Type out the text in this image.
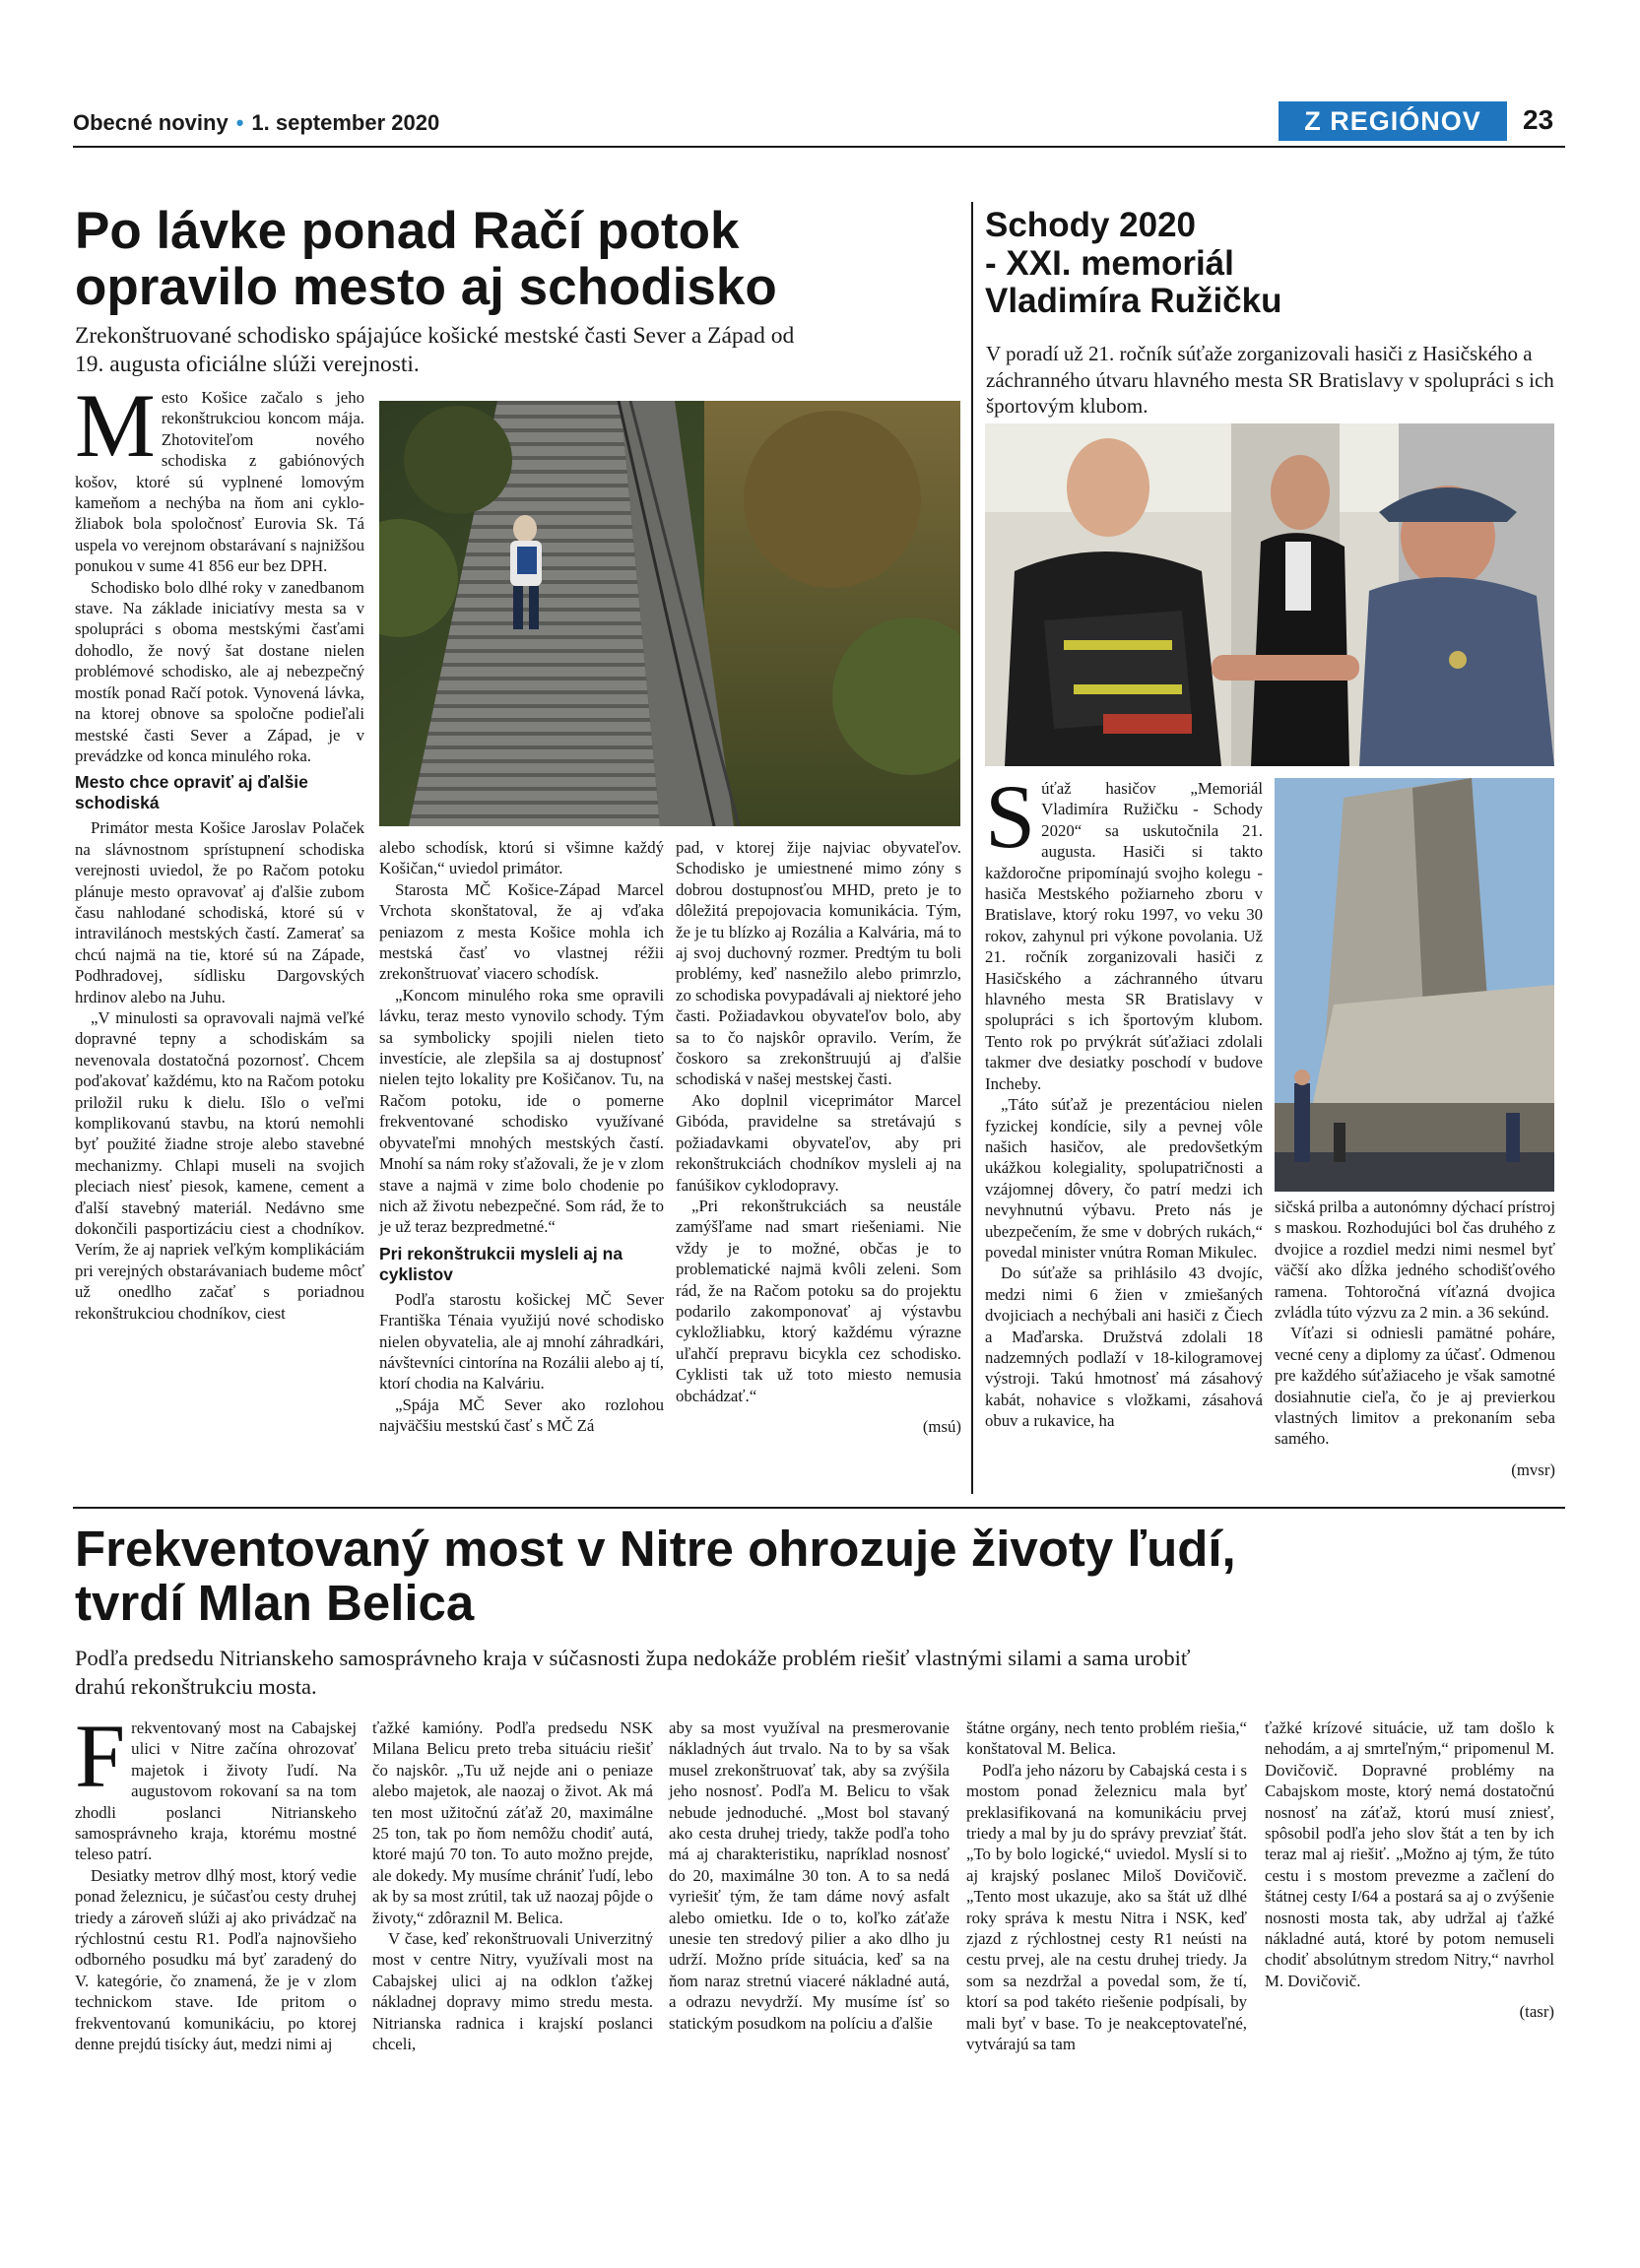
Obecné noviny • 1. september 2020	Z REGIÓNOV	23
Po lávke ponad Račí potok
opravilo mesto aj schodisko
Zrekonštruované schodisko spájajúce košické mestské časti Sever a Západ od
19. augusta oficiálne slúži verejnosti.

Mesto Košice začalo s jeho rekonštrukciou koncom mája. Zhotoviteľom nového schodiska z gabiónových košov, ktoré sú vyplnené lomovým kameňom a nechýba na ňom ani cykložliabok bola spoločnosť Eurovia Sk. Tá uspela vo verejnom obstarávaní s najnižšou ponukou v sume 41 856 eur bez DPH.

Schodisko bolo dlhé roky v zanedbanom stave. Na základe iniciatívy mesta sa v spolupráci s oboma mestskými časťami dohodlo, že nový šat dostane nielen problémové schodisko, ale aj nebezpečný mostík ponad Račí potok. Vynovená lávka, na ktorej obnove sa spoločne podieľali mestské časti Sever a Západ, je v prevádzke od konca minulého roka.

Mesto chce opraviť aj ďalšie schodiská

Primátor mesta Košice Jaroslav Polaček na slávnostnom sprístupnení schodiska verejnosti uviedol, že po Račom potoku plánuje mesto opravovať aj ďalšie zubom času nahlodané schodiská, ktoré sú v intravilánoch mestských častí. Zamerať sa chcú najmä na tie, ktoré sú na Západe, Podhradovej, sídlisku Dargovských hrdinov alebo na Juhu.

„V minulosti sa opravovali najmä veľké dopravné tepny a schodiskám sa nevenovala dostatočná pozornosť. Chcem poďakovať každému, kto na Račom potoku priložil ruku k dielu. Išlo o veľmi komplikovanú stavbu, na ktorú nemohli byť použité žiadne stroje alebo stavebné mechanizmy. Chlapi museli na svojich pleciach niesť piesok, kamene, cement a ďalší stavebný materiál. Nedávno sme dokončili pasportizáciu ciest a chodníkov. Verím, že aj napriek veľkým komplikáciám pri verejných obstarávaniach budeme môcť už onedlho začať s poriadnou rekonštrukciou chodníkov, ciest

alebo schodísk, ktorú si všimne každý Košičan,“ uviedol primátor.

Starosta MČ Košice-Západ Marcel Vrchota skonštatoval, že aj vďaka peniazom z mesta Košice mohla ich mestská časť vo vlastnej réžii zrekonštruovať viacero schodísk.

„Koncom minulého roka sme opravili lávku, teraz mesto vynovilo schody. Tým sa symbolicky spojili nielen tieto investície, ale zlepšila sa aj dostupnosť nielen tejto lokality pre Košičanov. Tu, na Račom potoku, ide o pomerne frekventované schodisko využívané obyvateľmi mnohých mestských častí. Mnohí sa nám roky sťažovali, že je v zlom stave a najmä v zime bolo chodenie po nich až životu nebezpečné. Som rád, že to je už teraz bezpredmetné.“

Pri rekonštrukcii mysleli aj na cyklistov

Podľa starostu košickej MČ Sever Františka Ténaia využijú nové schodisko nielen obyvatelia, ale aj mnohí záhradkári, návštevníci cintorína na Rozálii alebo aj tí, ktorí chodia na Kalváriu.

„Spája MČ Sever ako rozlohou najväčšiu mestskú časť s MČ Zá

pad, v ktorej žije najviac obyvateľov. Schodisko je umiestnené mimo zóny s dobrou dostupnosťou MHD, preto je to dôležitá prepojovacia komunikácia. Tým, že je tu blízko aj Rozália a Kalvária, má to aj svoj duchovný rozmer. Predtým tu boli problémy, keď nasnežilo alebo primrzlo, zo schodiska povypadávali aj niektoré jeho časti. Požiadavkou obyvateľov bolo, aby sa to čo najskôr opravilo. Verím, že čoskoro sa zrekonštruujú aj ďalšie schodiská v našej mestskej časti.

Ako doplnil viceprimátor Marcel Gibóda, pravidelne sa stretávajú s požiadavkami obyvateľov, aby pri rekonštrukciách chodníkov mysleli aj na fanúšikov cyklodopravy.

„Pri rekonštrukciách sa neustále zamýšľame nad smart riešeniami. Nie vždy je to možné, občas je to problematické najmä kvôli zeleni. Som rád, že na Račom potoku sa do projektu podarilo zakomponovať aj výstavbu cykložliabku, ktorý každému výrazne uľahčí prepravu bicykla cez schodisko. Cyklisti tak už toto miesto nemusia obchádzať.“

(msú)

Schody 2020
- XXI. memoriál
Vladimíra Ružičku
V poradí už 21. ročník súťaže zorganizovali hasiči z Hasičského a záchranného útvaru hlavného mesta SR Bratislavy v spolupráci s ich športovým klubom.

Súťaž hasičov „Memoriál Vladimíra Ružičku - Schody 2020“ sa uskutočnila 21. augusta. Hasiči si takto každoročne pripomínajú svojho kolegu - hasiča Mestského požiarneho zboru v Bratislave, ktorý roku 1997, vo veku 30 rokov, zahynul pri výkone povolania. Už 21. ročník zorganizovali hasiči z Hasičského a záchranného útvaru hlavného mesta SR Bratislavy v spolupráci s ich športovým klubom. Tento rok po prvýkrát súťažiaci zdolali takmer dve desiatky poschodí v budove Incheby.

„Táto súťaž je prezentáciou nielen fyzickej kondície, sily a pevnej vôle našich hasičov, ale predovšetkým ukážkou kolegiality, spolupatričnosti a vzájomnej dôvery, čo patrí medzi ich nevyhnutnú výbavu. Preto nás je ubezpečením, že sme v dobrých rukách,“ povedal minister vnútra Roman Mikulec.

Do súťaže sa prihlásilo 43 dvojíc, medzi nimi 6 žien v zmiešaných dvojiciach a nechýbali ani hasiči z Čiech a Maďarska. Družstvá zdolali 18 nadzemných podlaží v 18-kilogramovej výstroji. Takú hmotnosť má zásahový kabát, nohavice s vložkami, zásahová obuv a rukavice, ha

sičská prilba a autonómny dýchací prístroj s maskou. Rozhodujúci bol čas druhého z dvojice a rozdiel medzi nimi nesmel byť väčší ako dĺžka jedného schodišťového ramena. Tohtoročná víťazná dvojica zvládla túto výzvu za 2 min. a 36 sekúnd.

Víťazi si odniesli pamätné poháre, vecné ceny a diplomy za účasť. Odmenou pre každého súťažiaceho je však samotné dosiahnutie cieľa, čo je aj previerkou vlastných limitov a prekonaním seba samého.

(mvsr)

Frekventovaný most v Nitre ohrozuje životy ľudí,
tvrdí Mlan Belica
Podľa predsedu Nitrianskeho samosprávneho kraja v súčasnosti župa nedokáže problém riešiť vlastnými silami a sama urobiť
drahú rekonštrukciu mosta.

Frekventovaný most na Cabajskej ulici v Nitre začína ohrozovať majetok i životy ľudí. Na augustovom rokovaní sa na tom zhodli poslanci Nitrianskeho samosprávneho kraja, ktorému mostné teleso patrí.

Desiatky metrov dlhý most, ktorý vedie ponad železnicu, je súčasťou cesty druhej triedy a zároveň slúži aj ako privádzač na rýchlostnú cestu R1. Podľa najnovšieho odborného posudku má byť zaradený do V. kategórie, čo znamená, že je v zlom technickom stave. Ide pritom o frekventovanú komunikáciu, po ktorej denne prejdú tisícky áut, medzi nimi aj

ťažké kamióny. Podľa predsedu NSK Milana Belicu preto treba situáciu riešiť čo najskôr. „Tu už nejde ani o peniaze alebo majetok, ale naozaj o život. Ak má ten most užitočnú záťaž 20, maximálne 25 ton, tak po ňom nemôžu chodiť autá, ktoré majú 70 ton. To auto možno prejde, ale dokedy. My musíme chrániť ľudí, lebo ak by sa most zrútil, tak už naozaj pôjde o životy,“ zdôraznil M. Belica.

V čase, keď rekonštruovali Univerzitný most v centre Nitry, využívali most na Cabajskej ulici aj na odklon ťažkej nákladnej dopravy mimo stredu mesta. Nitrianska radnica i krajskí poslanci chceli,

aby sa most využíval na presmerovanie nákladných áut trvalo. Na to by sa však musel zrekonštruovať tak, aby sa zvýšila jeho nosnosť. Podľa M. Belicu to však nebude jednoduché. „Most bol stavaný ako cesta druhej triedy, takže podľa toho má aj charakteristiku, napríklad nosnosť do 20, maximálne 30 ton. A to sa nedá vyriešiť tým, že tam dáme nový asfalt alebo omietku. Ide o to, koľko záťaže unesie ten stredový pilier a ako dlho ju udrží. Možno príde situácia, keď sa na ňom naraz stretnú viaceré nákladné autá, a odrazu nevydrží. My musíme ísť so statickým posudkom na políciu a ďalšie

štátne orgány, nech tento problém riešia,“ konštatoval M. Belica.

Podľa jeho názoru by Cabajská cesta i s mostom ponad železnicu mala byť preklasifikovaná na komunikáciu prvej triedy a mal by ju do správy prevziať štát. „To by bolo logické,“ uviedol. Myslí si to aj krajský poslanec Miloš Dovičovič. „Tento most ukazuje, ako sa štát už dlhé roky správa k mestu Nitra i NSK, keď zjazd z rýchlostnej cesty R1 neústi na cestu prvej, ale na cestu druhej triedy. Ja som sa nezdržal a povedal som, že tí, ktorí sa pod takéto riešenie podpísali, by mali byť v base. To je neakceptovateľné, vytvárajú sa tam

ťažké krízové situácie, už tam došlo k nehodám, a aj smrteľným,“ pripomenul M. Dovičovič. Dopravné problémy na Cabajskom moste, ktorý nemá dostatočnú nosnosť na záťaž, ktorú musí zniesť, spôsobil podľa jeho slov štát a ten by ich teraz mal aj riešiť. „Možno aj tým, že túto cestu i s mostom prevezme a začlení do štátnej cesty I/64 a postará sa aj o zvýšenie nosnosti mosta tak, aby udržal aj ťažké nákladné autá, ktoré by potom nemuseli chodiť absolútnym stredom Nitry,“ navrhol M. Dovičovič.

(tasr)
